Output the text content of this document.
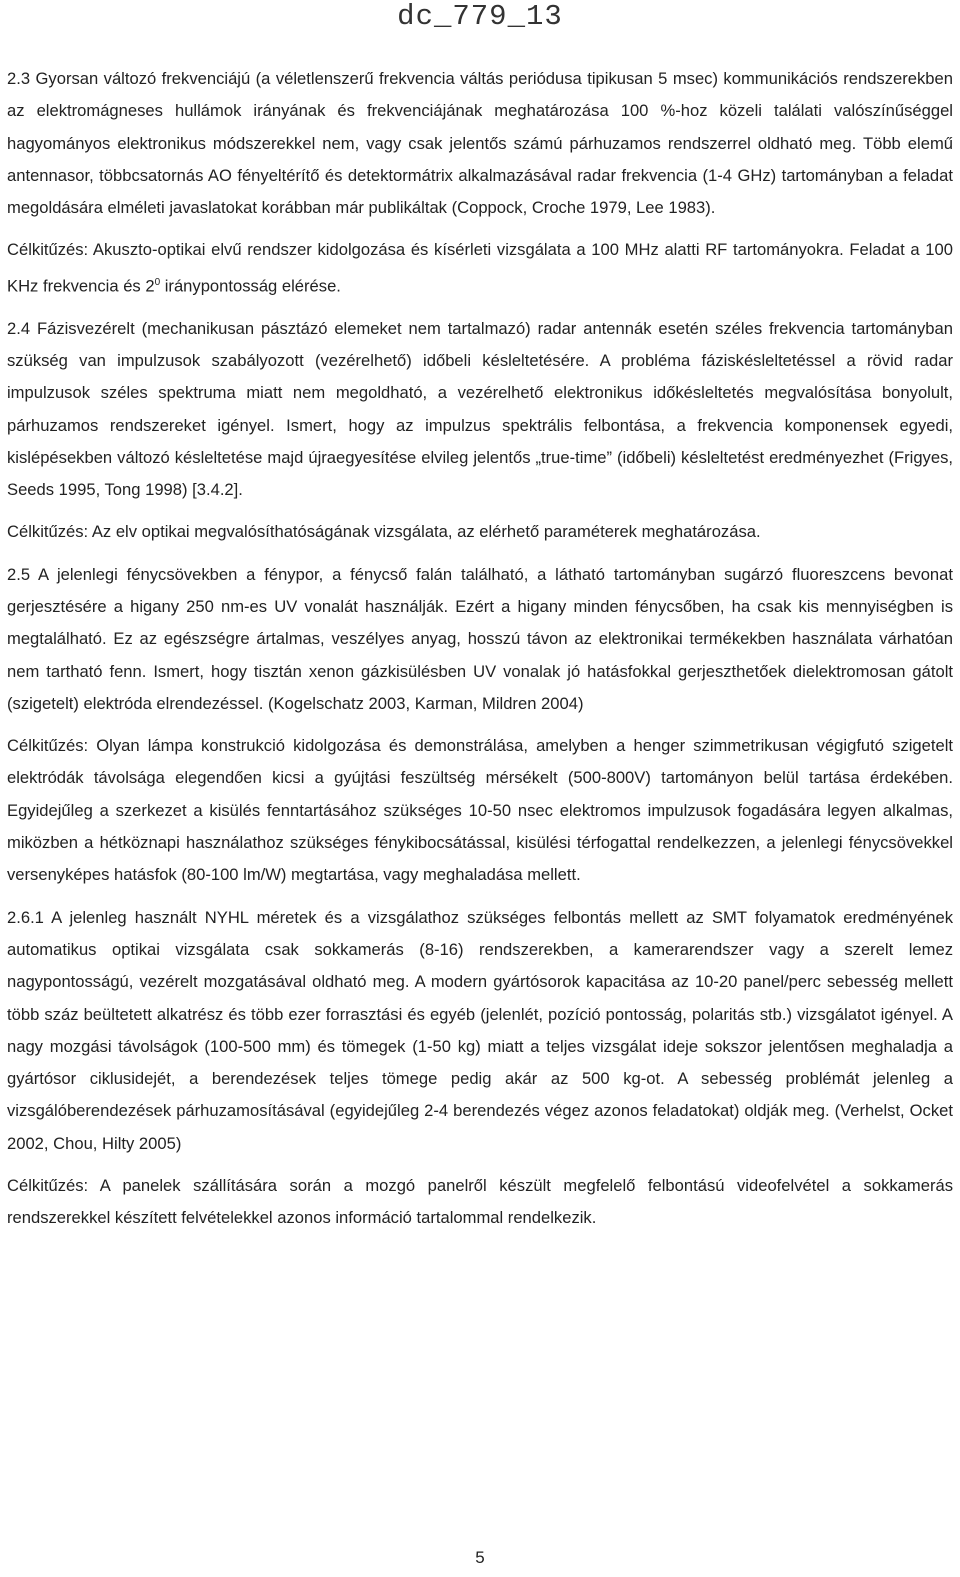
dc_779_13

2.3 Gyorsan változó frekvenciájú (a véletlenszerű frekvencia váltás periódusa tipikusan 5 msec) kommunikációs rendszerekben az elektromágneses hullámok irányának és frekvenciájának meghatározása 100 %-hoz közeli találati valószínűséggel hagyományos elektronikus módszerekkel nem, vagy csak jelentős számú párhuzamos rendszerrel oldható meg. Több elemű antennasor, többcsatornás AO fényeltérítő és detektormátrix alkalmazásával radar frekvencia (1-4 GHz) tartományban a feladat megoldására elméleti javaslatokat korábban már publikáltak (Coppock, Croche 1979, Lee 1983).

Célkitűzés: Akuszto-optikai elvű rendszer kidolgozása és kísérleti vizsgálata a 100 MHz alatti RF tartományokra. Feladat a 100 KHz frekvencia és $2^0$ iránypontosság elérése.

2.4 Fázisvezérelt (mechanikusan pásztázó elemeket nem tartalmazó) radar antennák esetén széles frekvencia tartományban szükség van impulzusok szabályozott (vezérelhető) időbeli késleltetésére. A probléma fáziskésleltetéssel a rövid radar impulzusok széles spektruma miatt nem megoldható, a vezérelhető elektronikus időkésleltetés megvalósítása bonyolult, párhuzamos rendszereket igényel. Ismert, hogy az impulzus spektrális felbontása, a frekvencia komponensek egyedi, kislépésekben változó késleltetése majd újraegyesítése elvileg jelentős „true-time” (időbeli) késleltetést eredményezhet (Frigyes, Seeds 1995, Tong 1998) [3.4.2].

Célkitűzés: Az elv optikai megvalósíthatóságának vizsgálata, az elérhető paraméterek meghatározása.

2.5 A jelenlegi fénycsövekben a fénypor, a fénycső falán található, a látható tartományban sugárzó fluoreszcens bevonat gerjesztésére a higany 250 nm-es UV vonalát használják. Ezért a higany minden fénycsőben, ha csak kis mennyiségben is megtalálható. Ez az egészségre ártalmas, veszélyes anyag, hosszú távon az elektronikai termékekben használata várhatóan nem tartható fenn. Ismert, hogy tisztán xenon gázkisülésben UV vonalak jó hatásfokkal gerjeszthetőek dielektromosan gátolt (szigetelt) elektróda elrendezéssel. (Kogelschatz 2003, Karman, Mildren 2004)

Célkitűzés: Olyan lámpa konstrukció kidolgozása és demonstrálása, amelyben a henger szimmetrikusan végigfutó szigetelt elektródák távolsága elegendően kicsi a gyújtási feszültség mérsékelt (500-800V) tartományon belül tartása érdekében. Egyidejűleg a szerkezet a kisülés fenntartásához szükséges 10-50 nsec elektromos impulzusok fogadására legyen alkalmas, miközben a hétköznapi használathoz szükséges fénykibocsátással, kisülési térfogattal rendelkezzen, a jelenlegi fénycsövekkel versenyképes hatásfok (80-100 lm/W) megtartása, vagy meghaladása mellett.

2.6.1 A jelenleg használt NYHL méretek és a vizsgálathoz szükséges felbontás mellett az SMT folyamatok eredményének automatikus optikai vizsgálata csak sokkamerás (8-16) rendszerekben, a kamerarendszer vagy a szerelt lemez nagypontosságú, vezérelt mozgatásával oldható meg. A modern gyártósorok kapacitása az 10-20 panel/perc sebesség mellett több száz beültetett alkatrész és több ezer forrasztási és egyéb (jelenlét, pozíció pontosság, polaritás stb.) vizsgálatot igényel. A nagy mozgási távolságok (100-500 mm) és tömegek (1-50 kg) miatt a teljes vizsgálat ideje sokszor jelentősen meghaladja a gyártósor ciklusidejét, a berendezések teljes tömege pedig akár az 500 kg-ot. A sebesség problémát jelenleg a vizsgálóberendezések párhuzamosításával (egyidejűleg 2-4 berendezés végez azonos feladatokat) oldják meg. (Verhelst, Ocket 2002, Chou, Hilty 2005)

Célkitűzés: A panelek szállítására során a mozgó panelről készült megfelelő felbontású videofelvétel a sokkamerás rendszerekkel készített felvételekkel azonos információ tartalommal rendelkezik.

5
